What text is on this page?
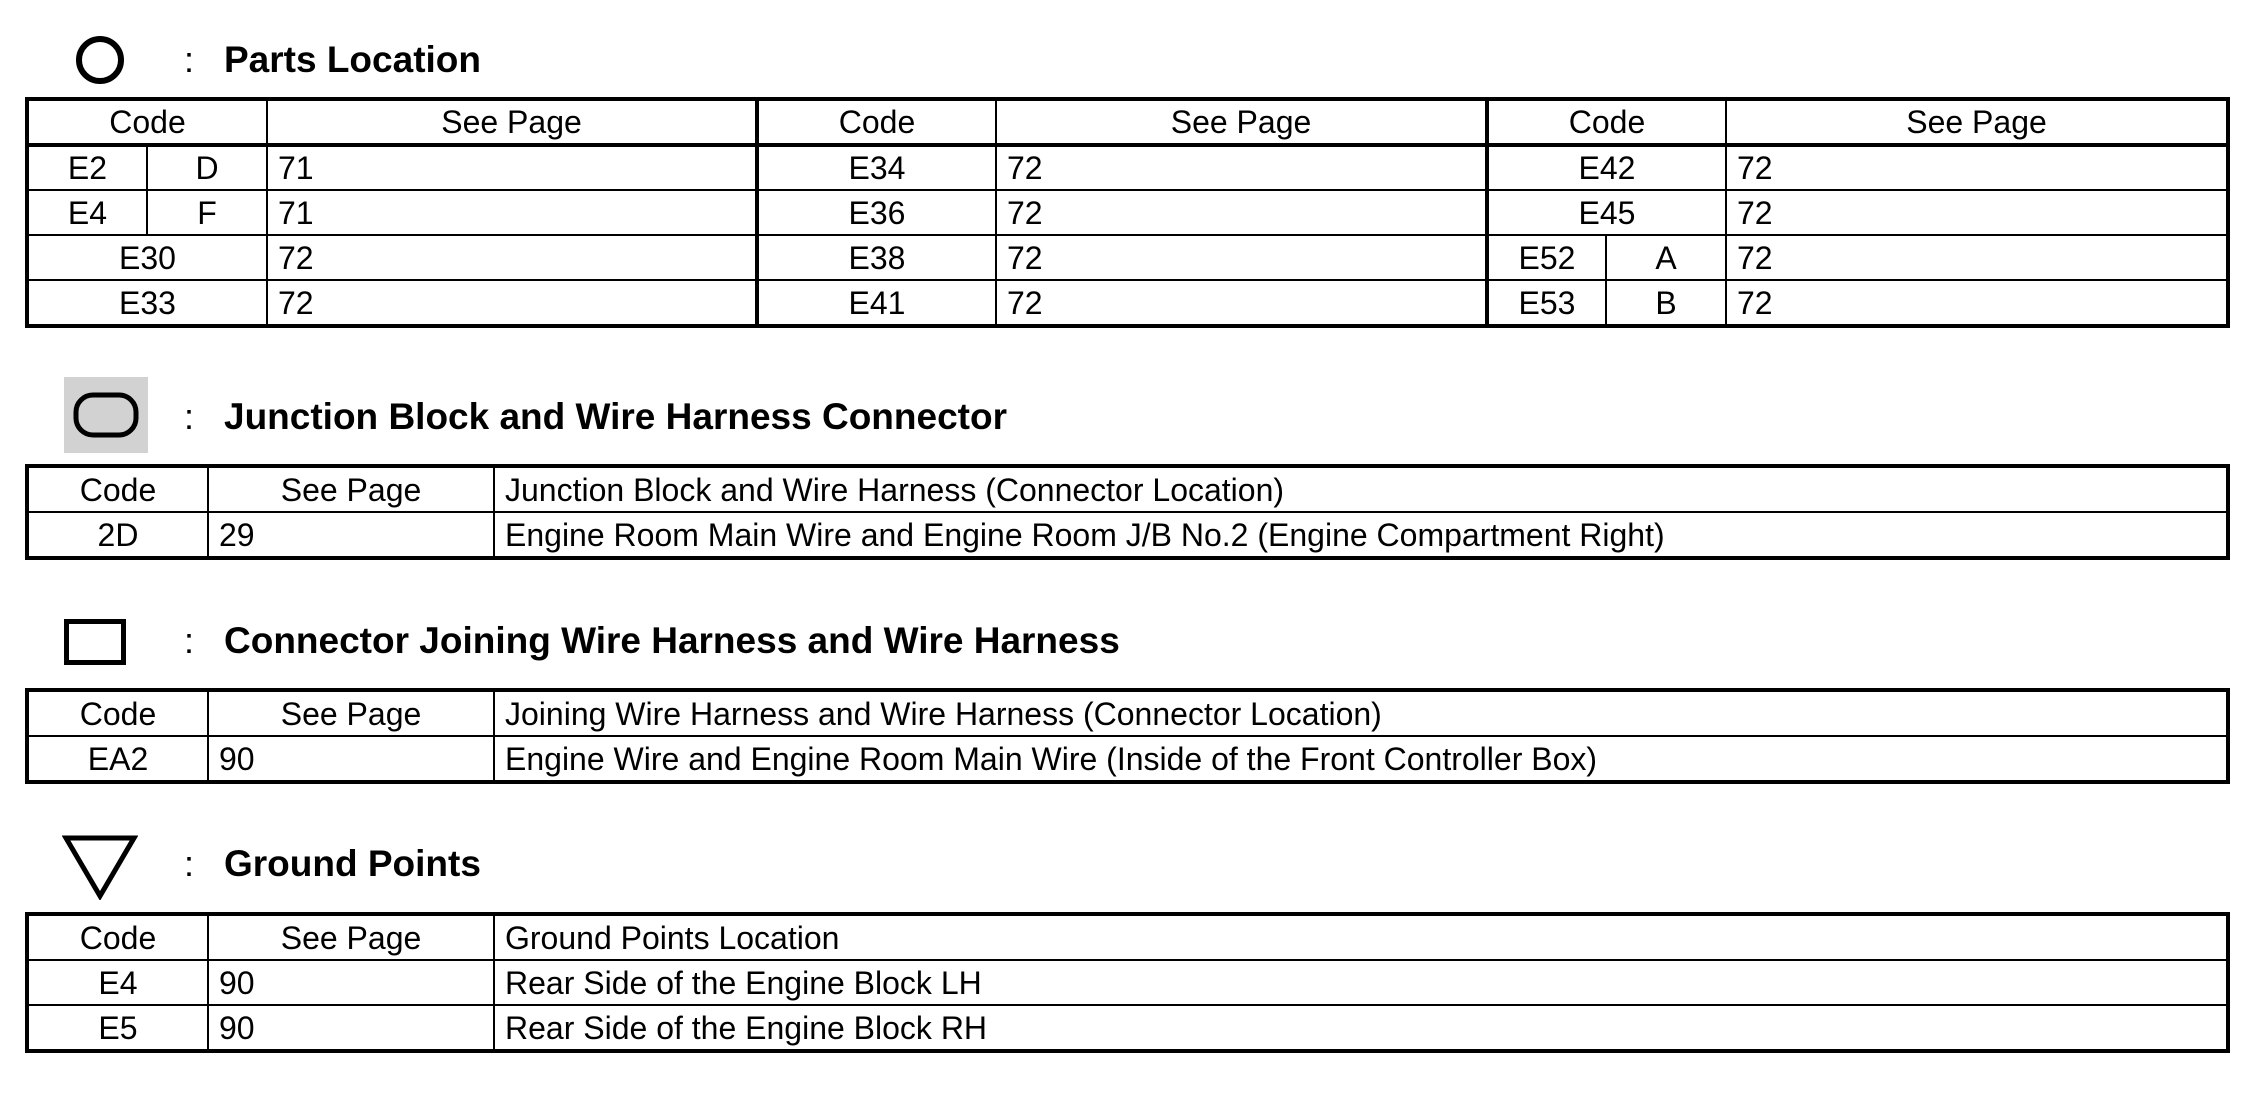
: Parts Location
Code		See Page	Code	See Page	Code		See Page
E2	D	71	E34	72	E42		72
E4	F	71	E36	72	E45		72
E30		72	E38	72	E52	A	72
E33		72	E41	72	E53	B	72
: Junction Block and Wire Harness Connector
Code	See Page	Junction Block and Wire Harness (Connector Location)
2D	29	Engine Room Main Wire and Engine Room J/B No.2 (Engine Compartment Right)
: Connector Joining Wire Harness and Wire Harness
Code	See Page	Joining Wire Harness and Wire Harness (Connector Location)
EA2	90	Engine Wire and Engine Room Main Wire (Inside of the Front Controller Box)
: Ground Points
Code	See Page	Ground Points Location
E4	90	Rear Side of the Engine Block LH
E5	90	Rear Side of the Engine Block RH
